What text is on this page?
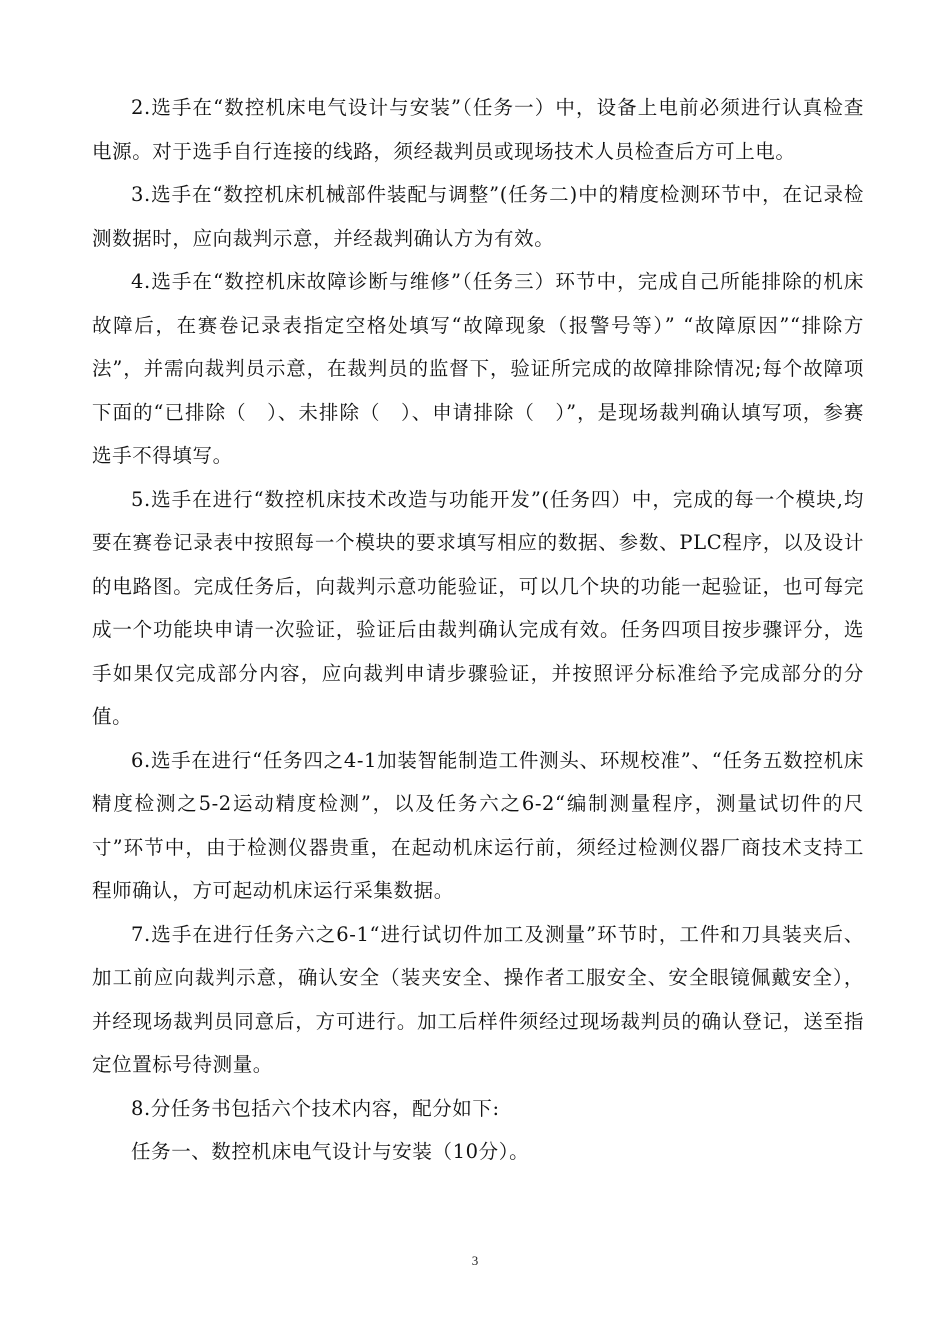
2.选手在“数控机床电气设计与安装”（任务一）中，设备上电前必须进行认真检查电源。对于选手自行连接的线路，须经裁判员或现场技术人员检查后方可上电。

3.选手在“数控机床机械部件装配与调整”(任务二)中的精度检测环节中，在记录检测数据时，应向裁判示意，并经裁判确认方为有效。

4.选手在“数控机床故障诊断与维修”（任务三）环节中，完成自己所能排除的机床故障后，在赛卷记录表指定空格处填写“故障现象（报警号等）” “故障原因”“排除方法”，并需向裁判员示意，在裁判员的监督下，验证所完成的故障排除情况;每个故障项下面的“已排除（　）、未排除（　）、申请排除（　）”，是现场裁判确认填写项，参赛选手不得填写。

5.选手在进行“数控机床技术改造与功能开发”(任务四）中，完成的每一个模块,均要在赛卷记录表中按照每一个模块的要求填写相应的数据、参数、PLC程序，以及设计的电路图。完成任务后，向裁判示意功能验证，可以几个块的功能一起验证，也可每完成一个功能块申请一次验证，验证后由裁判确认完成有效。任务四项目按步骤评分，选手如果仅完成部分内容，应向裁判申请步骤验证，并按照评分标准给予完成部分的分值。

6.选手在进行“任务四之4-1加装智能制造工件测头、环规校准”、“任务五数控机床精度检测之5-2运动精度检测”，以及任务六之6-2“编制测量程序，测量试切件的尺寸”环节中，由于检测仪器贵重，在起动机床运行前，须经过检测仪器厂商技术支持工程师确认，方可起动机床运行采集数据。

7.选手在进行任务六之6-1“进行试切件加工及测量”环节时，工件和刀具装夹后、加工前应向裁判示意，确认安全（装夹安全、操作者工服安全、安全眼镜佩戴安全），并经现场裁判员同意后，方可进行。加工后样件须经过现场裁判员的确认登记，送至指定位置标号待测量。

8.分任务书包括六个技术内容，配分如下:

任务一、数控机床电气设计与安装（10分）。

3
